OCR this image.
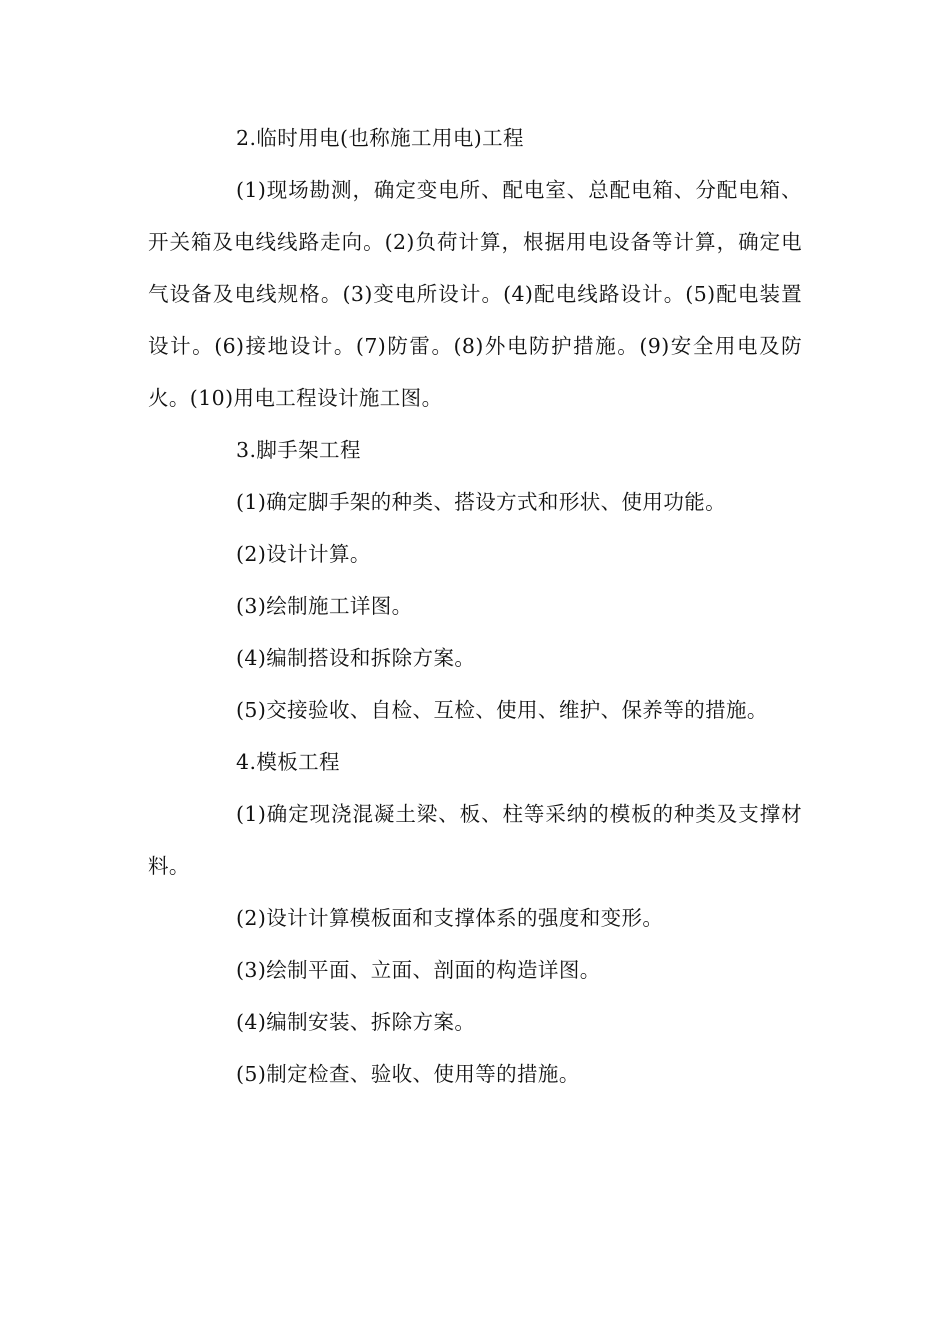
2.临时用电(也称施工用电)工程

(1)现场勘测，确定变电所、配电室、总配电箱、分配电箱、开关箱及电线线路走向。(2)负荷计算，根据用电设备等计算，确定电气设备及电线规格。(3)变电所设计。(4)配电线路设计。(5)配电装置设计。(6)接地设计。(7)防雷。(8)外电防护措施。(9)安全用电及防火。(10)用电工程设计施工图。

3.脚手架工程

(1)确定脚手架的种类、搭设方式和形状、使用功能。

(2)设计计算。

(3)绘制施工详图。

(4)编制搭设和拆除方案。

(5)交接验收、自检、互检、使用、维护、保养等的措施。

4.模板工程

(1)确定现浇混凝土梁、板、柱等采纳的模板的种类及支撑材料。

(2)设计计算模板面和支撑体系的强度和变形。

(3)绘制平面、立面、剖面的构造详图。

(4)编制安装、拆除方案。

(5)制定检查、验收、使用等的措施。
